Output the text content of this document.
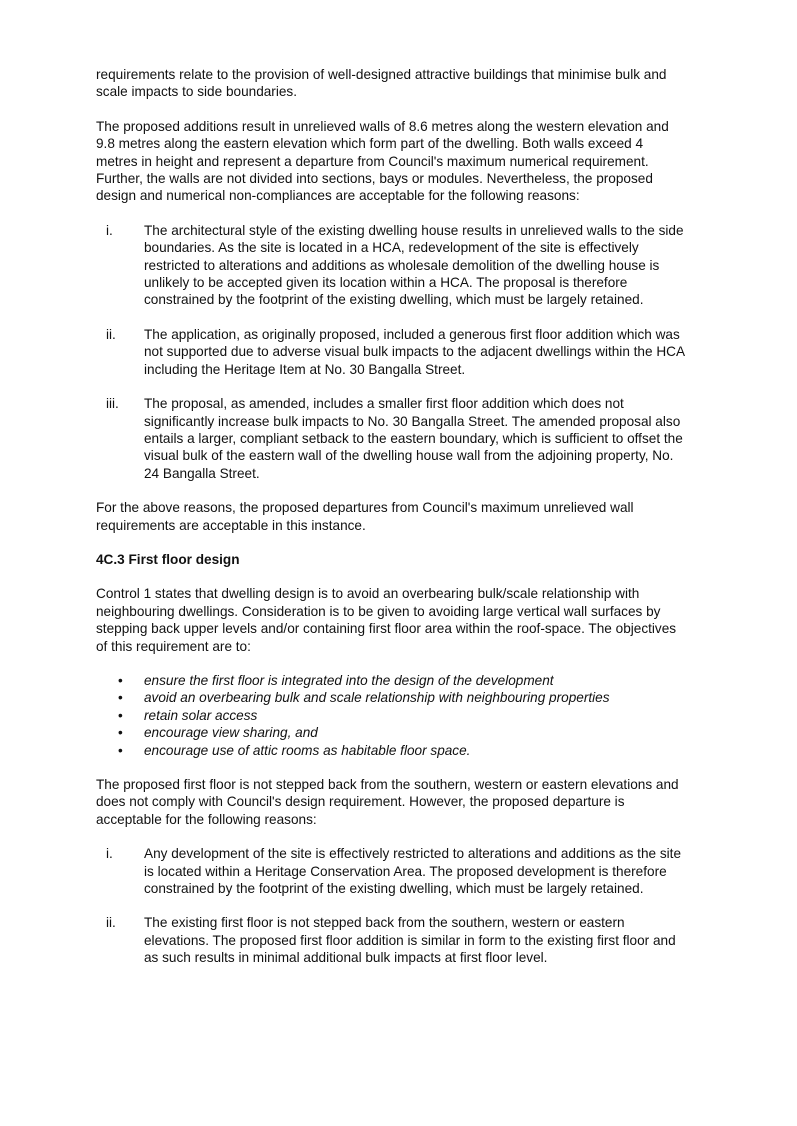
requirements relate to the provision of well-designed attractive buildings that minimise bulk and scale impacts to side boundaries.

The proposed additions result in unrelieved walls of 8.6 metres along the western elevation and 9.8 metres along the eastern elevation which form part of the dwelling. Both walls exceed 4 metres in height and represent a departure from Council's maximum numerical requirement. Further, the walls are not divided into sections, bays or modules. Nevertheless, the proposed design and numerical non-compliances are acceptable for the following reasons:

i.	The architectural style of the existing dwelling house results in unrelieved walls to the side boundaries. As the site is located in a HCA, redevelopment of the site is effectively restricted to alterations and additions as wholesale demolition of the dwelling house is unlikely to be accepted given its location within a HCA. The proposal is therefore constrained by the footprint of the existing dwelling, which must be largely retained.
ii.	The application, as originally proposed, included a generous first floor addition which was not supported due to adverse visual bulk impacts to the adjacent dwellings within the HCA including the Heritage Item at No. 30 Bangalla Street.
iii.	The proposal, as amended, includes a smaller first floor addition which does not significantly increase bulk impacts to No. 30 Bangalla Street. The amended proposal also entails a larger, compliant setback to the eastern boundary, which is sufficient to offset the visual bulk of the eastern wall of the dwelling house wall from the adjoining property, No. 24 Bangalla Street.

For the above reasons, the proposed departures from Council's maximum unrelieved wall requirements are acceptable in this instance.

4C.3 First floor design

Control 1 states that dwelling design is to avoid an overbearing bulk/scale relationship with neighbouring dwellings. Consideration is to be given to avoiding large vertical wall surfaces by stepping back upper levels and/or containing first floor area within the roof-space. The objectives of this requirement are to:

• ensure the first floor is integrated into the design of the development
• avoid an overbearing bulk and scale relationship with neighbouring properties
• retain solar access
• encourage view sharing, and
• encourage use of attic rooms as habitable floor space.

The proposed first floor is not stepped back from the southern, western or eastern elevations and does not comply with Council's design requirement. However, the proposed departure is acceptable for the following reasons:

i.	Any development of the site is effectively restricted to alterations and additions as the site is located within a Heritage Conservation Area. The proposed development is therefore constrained by the footprint of the existing dwelling, which must be largely retained.
ii.	The existing first floor is not stepped back from the southern, western or eastern elevations. The proposed first floor addition is similar in form to the existing first floor and as such results in minimal additional bulk impacts at first floor level.
